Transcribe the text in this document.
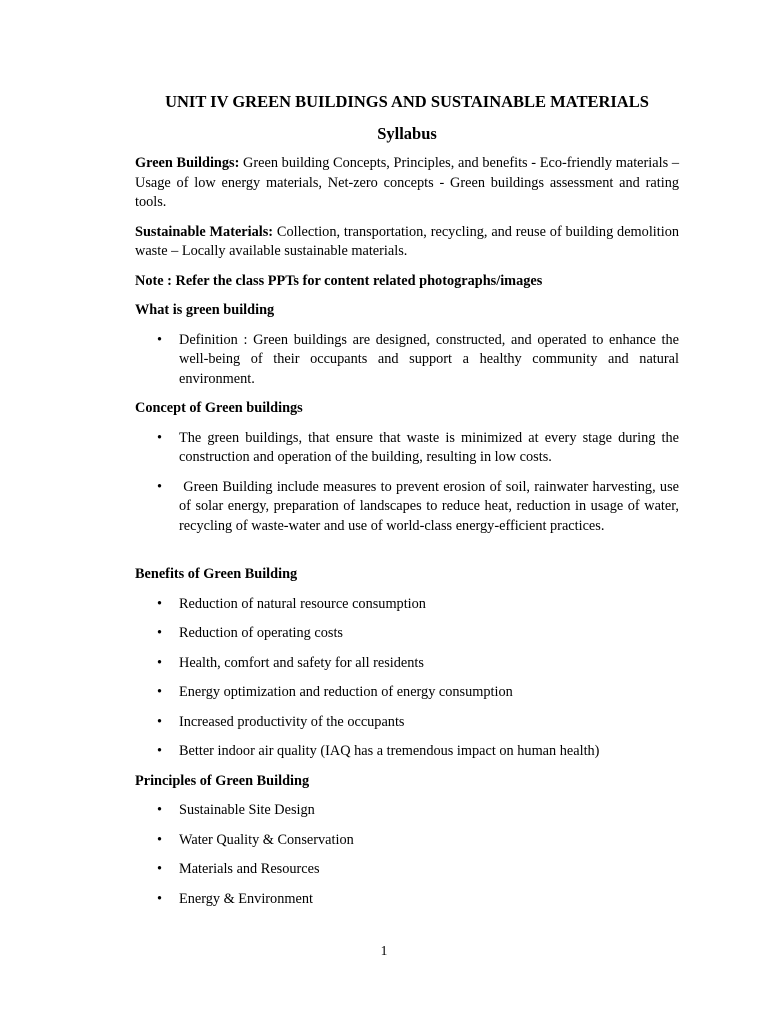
UNIT IV GREEN BUILDINGS AND SUSTAINABLE MATERIALS
Syllabus

Green Buildings: Green building Concepts, Principles, and benefits - Eco-friendly materials – Usage of low energy materials, Net-zero concepts - Green buildings assessment and rating tools.

Sustainable Materials: Collection, transportation, recycling, and reuse of building demolition waste – Locally available sustainable materials.

Note : Refer the class PPTs for content related photographs/images

What is green building

• Definition : Green buildings are designed, constructed, and operated to enhance the well-being of their occupants and support a healthy community and natural environment.

Concept of Green buildings

• The green buildings, that ensure that waste is minimized at every stage during the construction and operation of the building, resulting in low costs.
• Green Building include measures to prevent erosion of soil, rainwater harvesting, use of solar energy, preparation of landscapes to reduce heat, reduction in usage of water, recycling of waste-water and use of world-class energy-efficient practices.

Benefits of Green Building

• Reduction of natural resource consumption
• Reduction of operating costs
• Health, comfort and safety for all residents
• Energy optimization and reduction of energy consumption
• Increased productivity of the occupants
• Better indoor air quality (IAQ has a tremendous impact on human health)

Principles of Green Building

• Sustainable Site Design
• Water Quality & Conservation
• Materials and Resources
• Energy & Environment
1
